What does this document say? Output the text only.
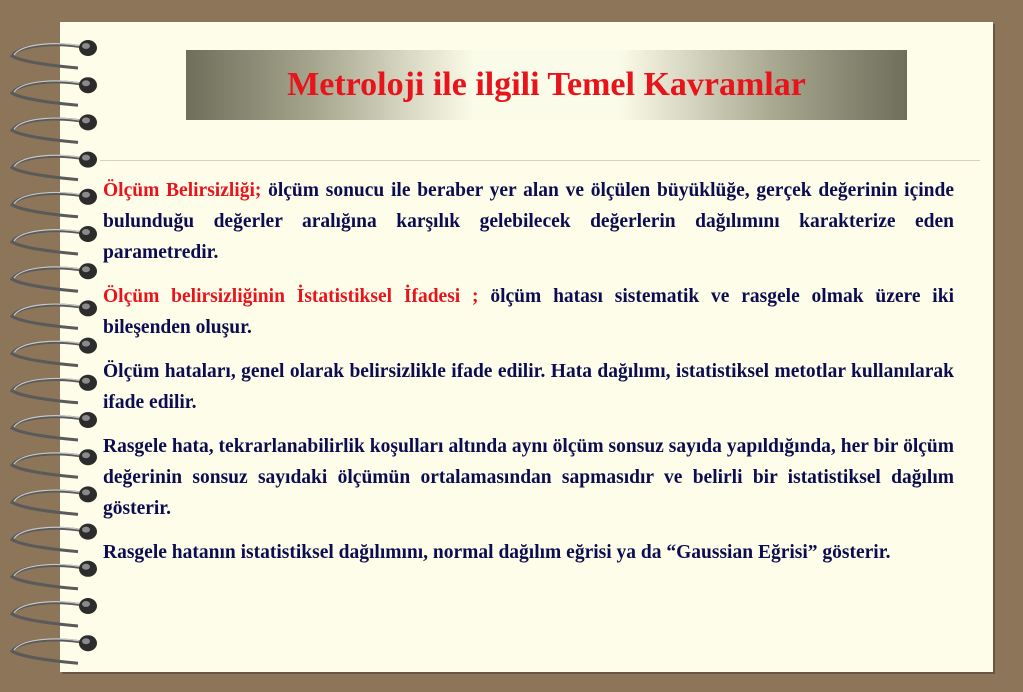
Metroloji ile ilgili Temel Kavramlar

Ölçüm Belirsizliği; ölçüm sonucu ile beraber yer alan ve ölçülen büyüklüğe, gerçek değerinin içinde bulunduğu değerler aralığına karşılık gelebilecek değerlerin dağılımını karakterize eden parametredir.

Ölçüm belirsizliğinin İstatistiksel İfadesi ; ölçüm hatası sistematik ve rasgele olmak üzere iki bileşenden oluşur.

Ölçüm hataları, genel olarak belirsizlikle ifade edilir. Hata dağılımı, istatistiksel metotlar kullanılarak ifade edilir.

Rasgele hata, tekrarlanabilirlik koşulları altında aynı ölçüm sonsuz sayıda yapıldığında, her bir ölçüm değerinin sonsuz sayıdaki ölçümün ortalamasından sapmasıdır ve belirli bir istatistiksel dağılım gösterir.

Rasgele hatanın istatistiksel dağılımını, normal dağılım eğrisi ya da “Gaussian Eğrisi” gösterir.
